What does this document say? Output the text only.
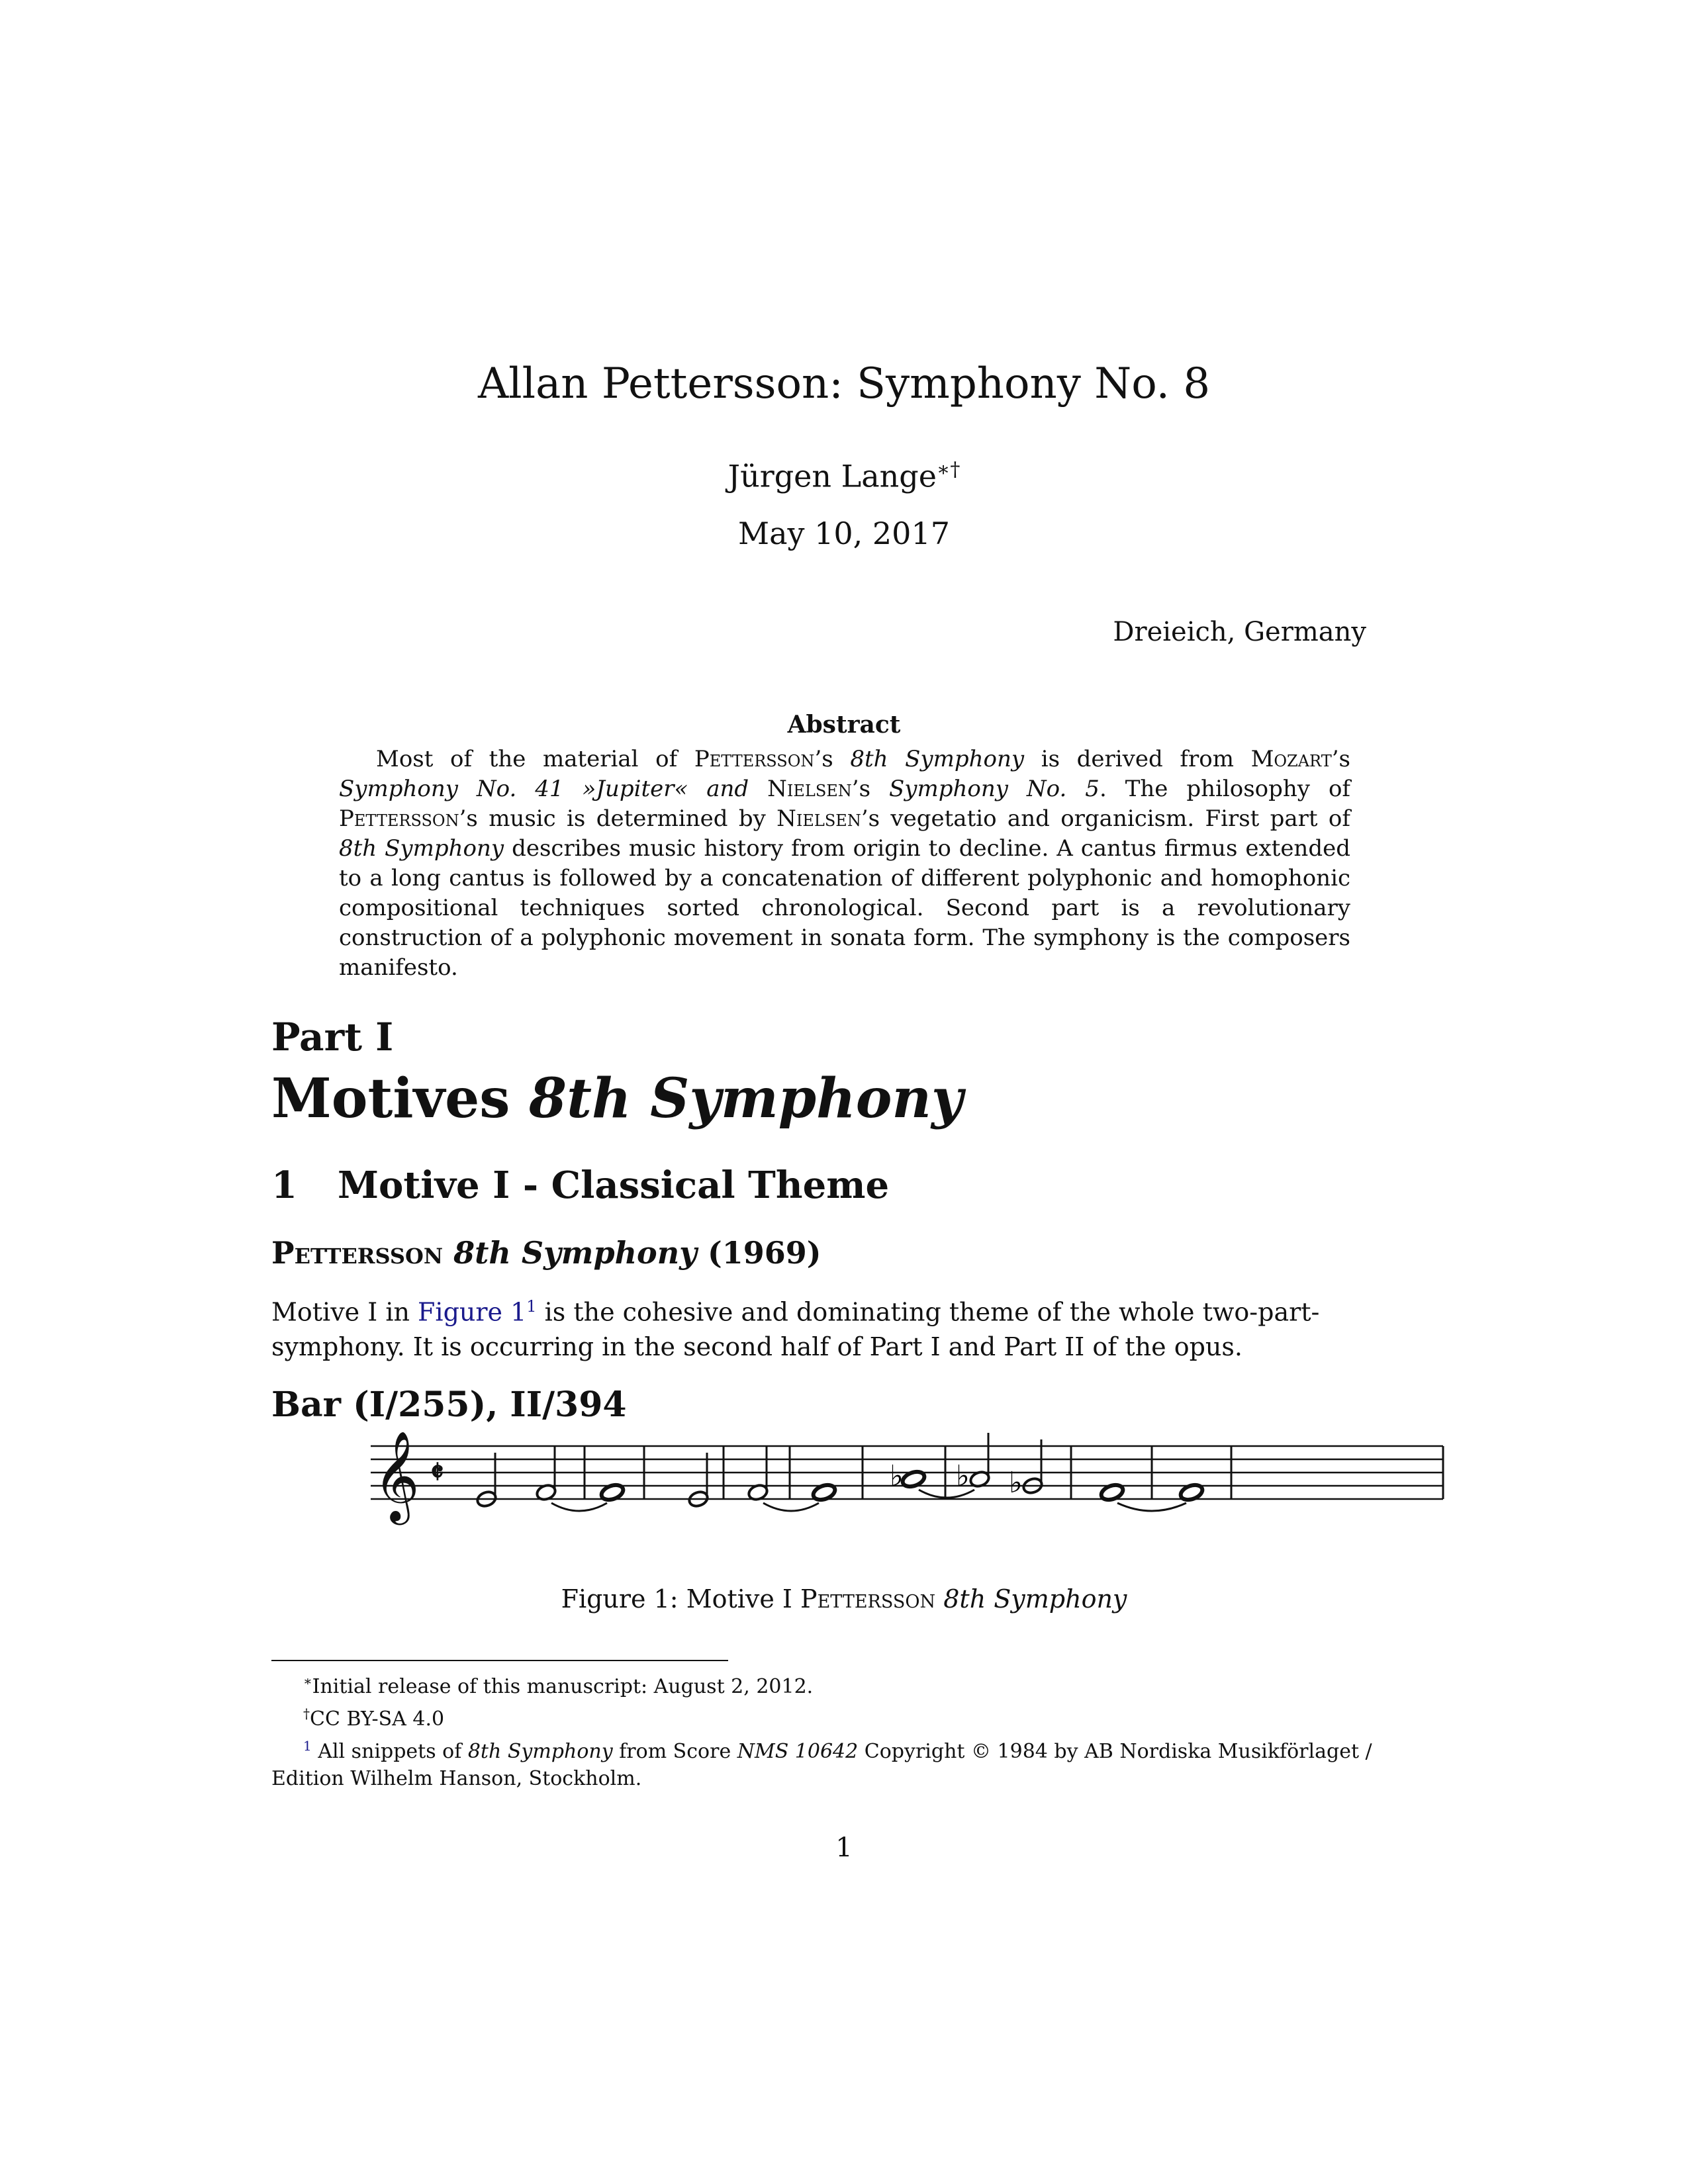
Allan Pettersson: Symphony No. 8
Jürgen Lange∗†
May 10, 2017
Dreieich, Germany
Abstract
Most of the material of Pettersson’s 8th Symphony is derived from Mozart’s Symphony No. 41 »Jupiter« and Nielsen’s Symphony No. 5. The philosophy of Pettersson’s music is determined by Nielsen’s vegetatio and organicism. First part of 8th Symphony describes music history from origin to decline. A cantus firmus extended to a long cantus is followed by a concatenation of different polyphonic and homophonic compositional techniques sorted chronological. Second part is a revolutionary construction of a polyphonic movement in sonata form. The symphony is the composers manifesto.
Part I
Motives 8th Symphony
1 Motive I - Classical Theme
Pettersson 8th Symphony (1969)
Motive I in Figure $1^1$ is the cohesive and dominating theme of the whole two-part-symphony. It is occurring in the second half of Part I and Part II of the opus.
Bar (I/255), II/394
𝄞 𝄵	♭ ♭ ♭
Figure 1: Motive I Pettersson 8th Symphony

∗Initial release of this manuscript: August 2, 2012.

†CC BY-SA 4.0

$^1$ All snippets of 8th Symphony from Score NMS 10642 Copyright © 1984 by AB Nordiska Musikförlaget / Edition Wilhelm Hanson, Stockholm.

1
